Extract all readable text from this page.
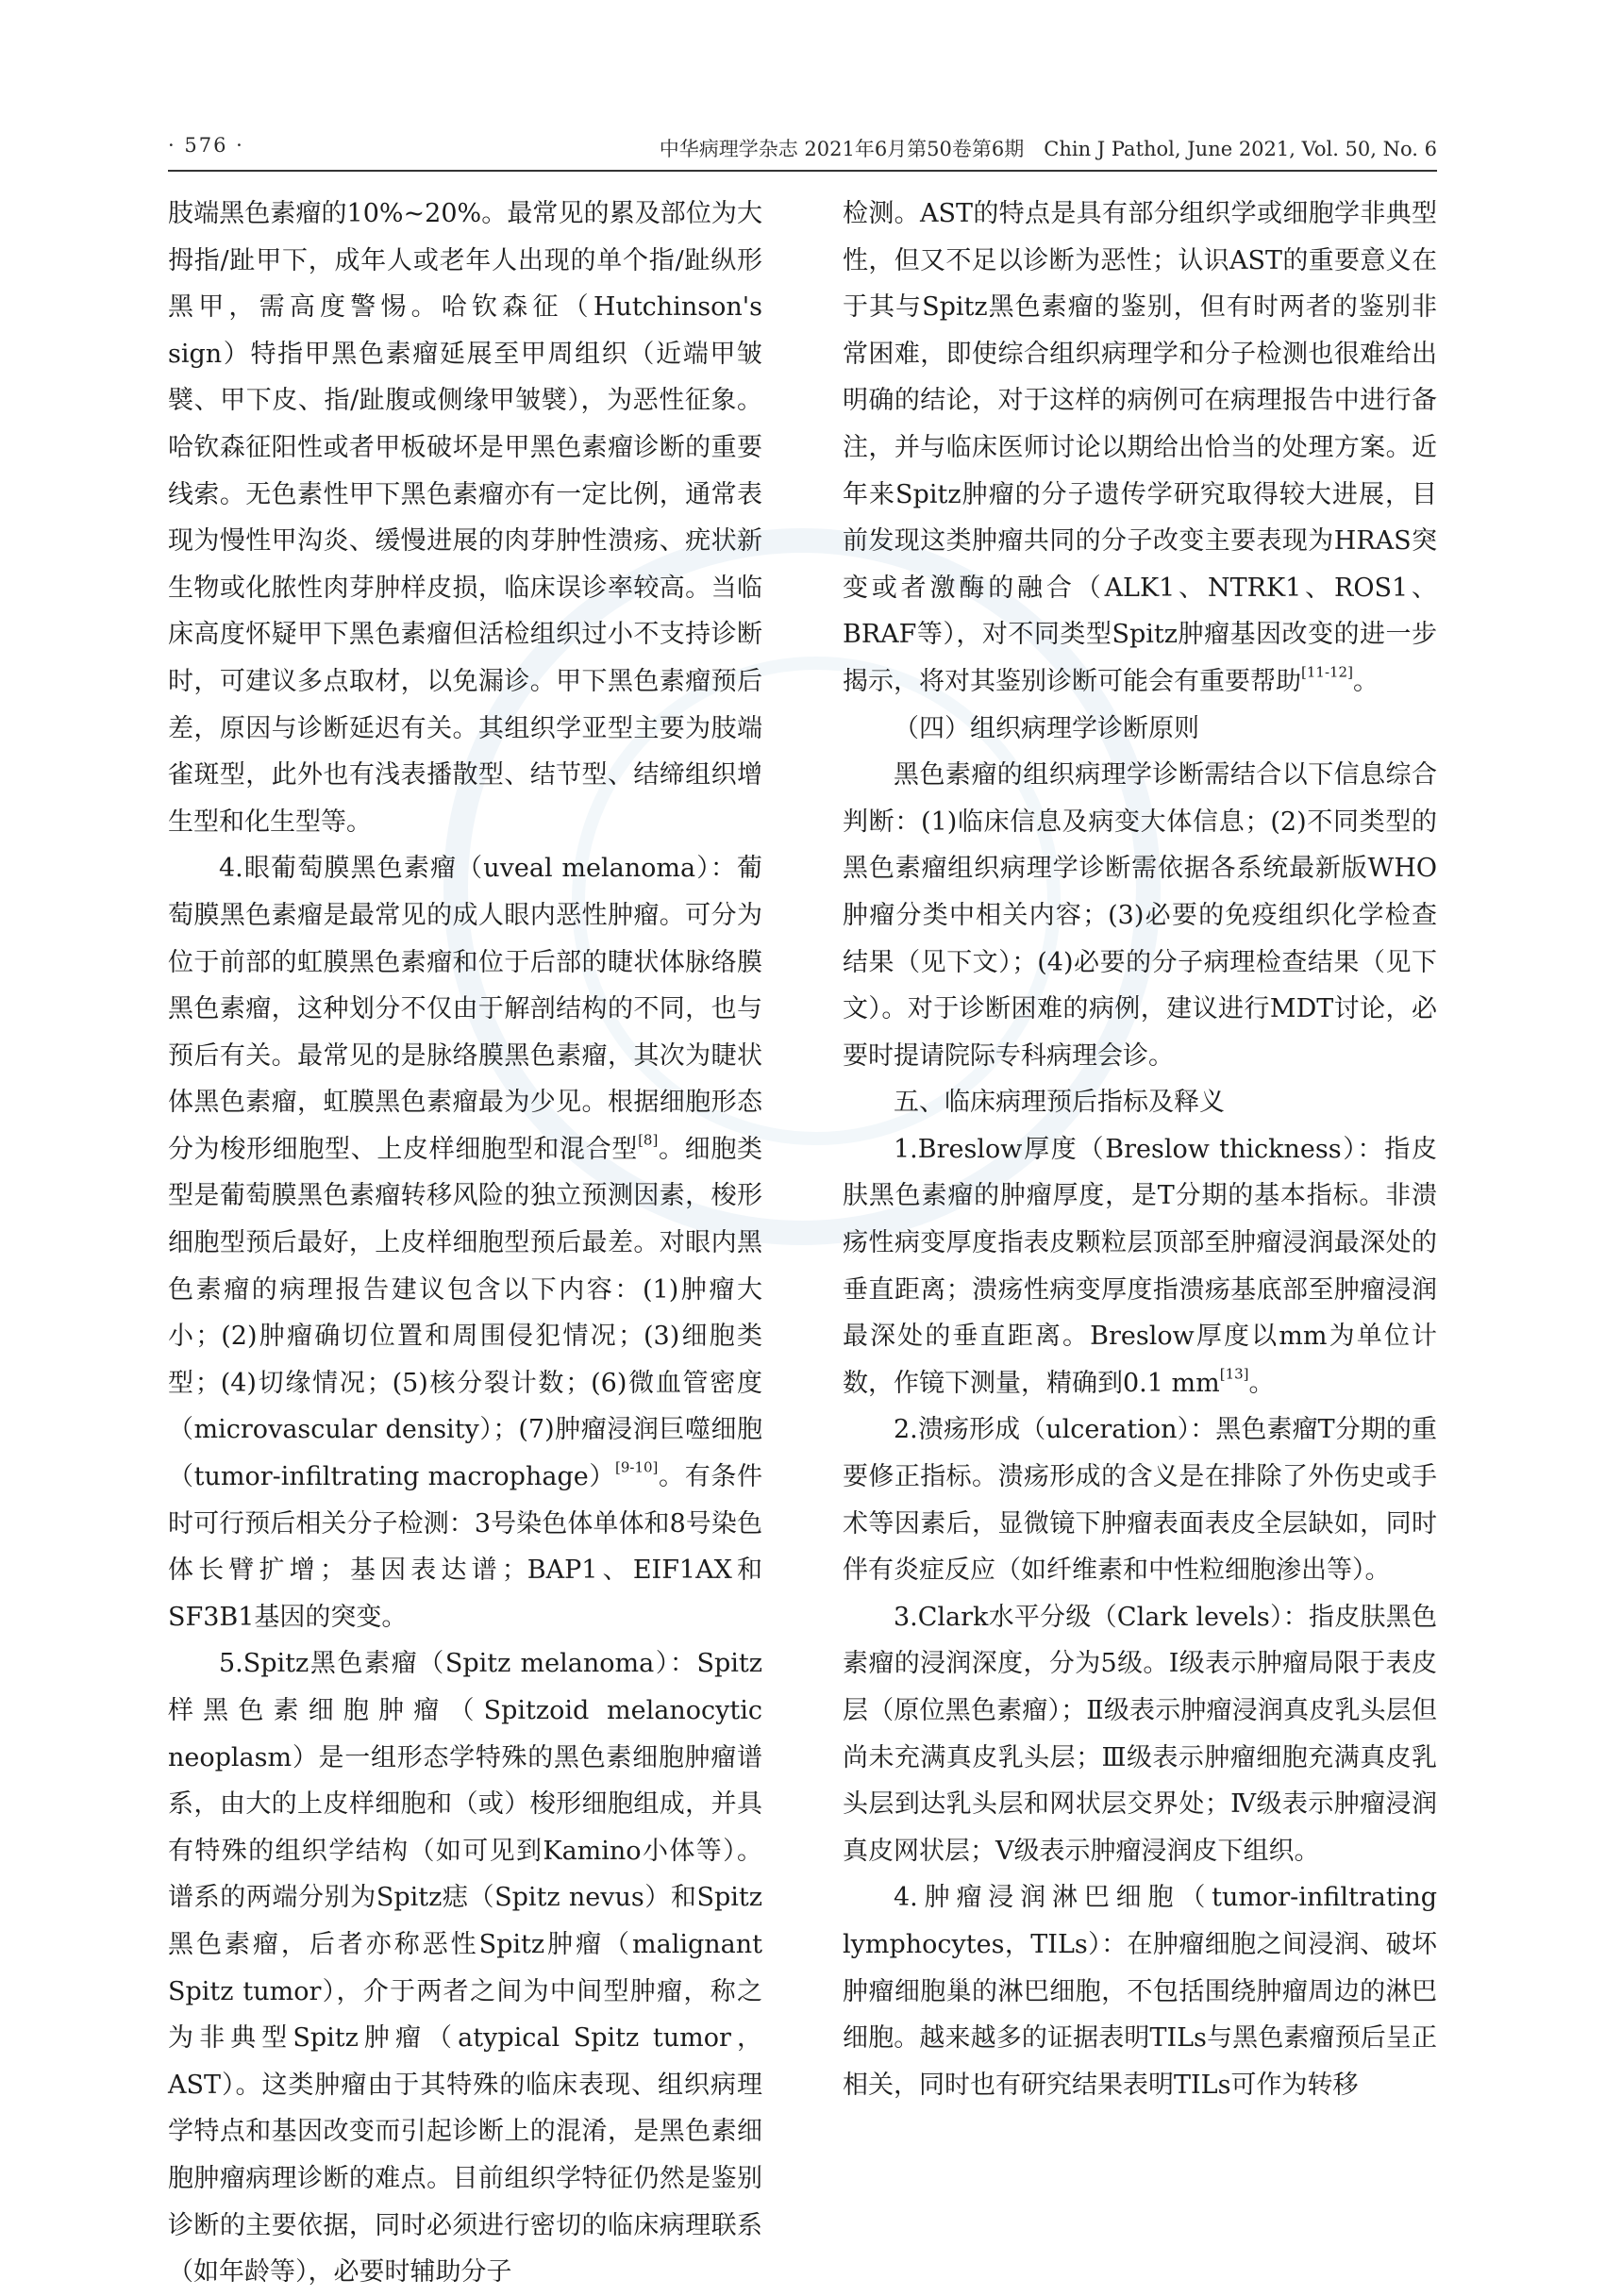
· 576 ·	中华病理学杂志 2021年6月第50卷第6期　Chin J Pathol, June 2021, Vol. 50, No. 6

肢端黑色素瘤的10%~20%。最常见的累及部位为大拇指/趾甲下，成年人或老年人出现的单个指/趾纵形黑甲，需高度警惕。哈钦森征（Hutchinson's sign）特指甲黑色素瘤延展至甲周组织（近端甲皱襞、甲下皮、指/趾腹或侧缘甲皱襞），为恶性征象。哈钦森征阳性或者甲板破坏是甲黑色素瘤诊断的重要线索。无色素性甲下黑色素瘤亦有一定比例，通常表现为慢性甲沟炎、缓慢进展的肉芽肿性溃疡、疣状新生物或化脓性肉芽肿样皮损，临床误诊率较高。当临床高度怀疑甲下黑色素瘤但活检组织过小不支持诊断时，可建议多点取材，以免漏诊。甲下黑色素瘤预后差，原因与诊断延迟有关。其组织学亚型主要为肢端雀斑型，此外也有浅表播散型、结节型、结缔组织增生型和化生型等。

4.眼葡萄膜黑色素瘤（uveal melanoma）：葡萄膜黑色素瘤是最常见的成人眼内恶性肿瘤。可分为位于前部的虹膜黑色素瘤和位于后部的睫状体脉络膜黑色素瘤，这种划分不仅由于解剖结构的不同，也与预后有关。最常见的是脉络膜黑色素瘤，其次为睫状体黑色素瘤，虹膜黑色素瘤最为少见。根据细胞形态分为梭形细胞型、上皮样细胞型和混合型[8]。细胞类型是葡萄膜黑色素瘤转移风险的独立预测因素，梭形细胞型预后最好，上皮样细胞型预后最差。对眼内黑色素瘤的病理报告建议包含以下内容：(1)肿瘤大小；(2)肿瘤确切位置和周围侵犯情况；(3)细胞类型；(4)切缘情况；(5)核分裂计数；(6)微血管密度（microvascular density）；(7)肿瘤浸润巨噬细胞（tumor-infiltrating macrophage）[9-10]。有条件时可行预后相关分子检测：3号染色体单体和8号染色体长臂扩增；基因表达谱；BAP1、EIF1AX和SF3B1基因的突变。

5.Spitz黑色素瘤（Spitz melanoma）：Spitz样黑色素细胞肿瘤（Spitzoid melanocytic neoplasm）是一组形态学特殊的黑色素细胞肿瘤谱系，由大的上皮样细胞和（或）梭形细胞组成，并具有特殊的组织学结构（如可见到Kamino小体等）。谱系的两端分别为Spitz痣（Spitz nevus）和Spitz黑色素瘤，后者亦称恶性Spitz肿瘤（malignant Spitz tumor），介于两者之间为中间型肿瘤，称之为非典型Spitz肿瘤（atypical Spitz tumor，AST）。这类肿瘤由于其特殊的临床表现、组织病理学特点和基因改变而引起诊断上的混淆，是黑色素细胞肿瘤病理诊断的难点。目前组织学特征仍然是鉴别诊断的主要依据，同时必须进行密切的临床病理联系（如年龄等），必要时辅助分子

检测。AST的特点是具有部分组织学或细胞学非典型性，但又不足以诊断为恶性；认识AST的重要意义在于其与Spitz黑色素瘤的鉴别，但有时两者的鉴别非常困难，即使综合组织病理学和分子检测也很难给出明确的结论，对于这样的病例可在病理报告中进行备注，并与临床医师讨论以期给出恰当的处理方案。近年来Spitz肿瘤的分子遗传学研究取得较大进展，目前发现这类肿瘤共同的分子改变主要表现为HRAS突变或者激酶的融合（ALK1、NTRK1、ROS1、BRAF等），对不同类型Spitz肿瘤基因改变的进一步揭示，将对其鉴别诊断可能会有重要帮助[11-12]。

（四）组织病理学诊断原则

黑色素瘤的组织病理学诊断需结合以下信息综合判断：(1)临床信息及病变大体信息；(2)不同类型的黑色素瘤组织病理学诊断需依据各系统最新版WHO肿瘤分类中相关内容；(3)必要的免疫组织化学检查结果（见下文）；(4)必要的分子病理检查结果（见下文）。对于诊断困难的病例，建议进行MDT讨论，必要时提请院际专科病理会诊。

五、临床病理预后指标及释义

1.Breslow厚度（Breslow thickness）：指皮肤黑色素瘤的肿瘤厚度，是T分期的基本指标。非溃疡性病变厚度指表皮颗粒层顶部至肿瘤浸润最深处的垂直距离；溃疡性病变厚度指溃疡基底部至肿瘤浸润最深处的垂直距离。Breslow厚度以mm为单位计数，作镜下测量，精确到0.1 mm[13]。

2.溃疡形成（ulceration）：黑色素瘤T分期的重要修正指标。溃疡形成的含义是在排除了外伤史或手术等因素后，显微镜下肿瘤表面表皮全层缺如，同时伴有炎症反应（如纤维素和中性粒细胞渗出等）。

3.Clark水平分级（Clark levels）：指皮肤黑色素瘤的浸润深度，分为5级。Ⅰ级表示肿瘤局限于表皮层（原位黑色素瘤）；Ⅱ级表示肿瘤浸润真皮乳头层但尚未充满真皮乳头层；Ⅲ级表示肿瘤细胞充满真皮乳头层到达乳头层和网状层交界处；Ⅳ级表示肿瘤浸润真皮网状层；Ⅴ级表示肿瘤浸润皮下组织。

4.肿瘤浸润淋巴细胞（tumor-infiltrating lymphocytes，TILs）：在肿瘤细胞之间浸润、破坏肿瘤细胞巢的淋巴细胞，不包括围绕肿瘤周边的淋巴细胞。越来越多的证据表明TILs与黑色素瘤预后呈正相关，同时也有研究结果表明TILs可作为转移
